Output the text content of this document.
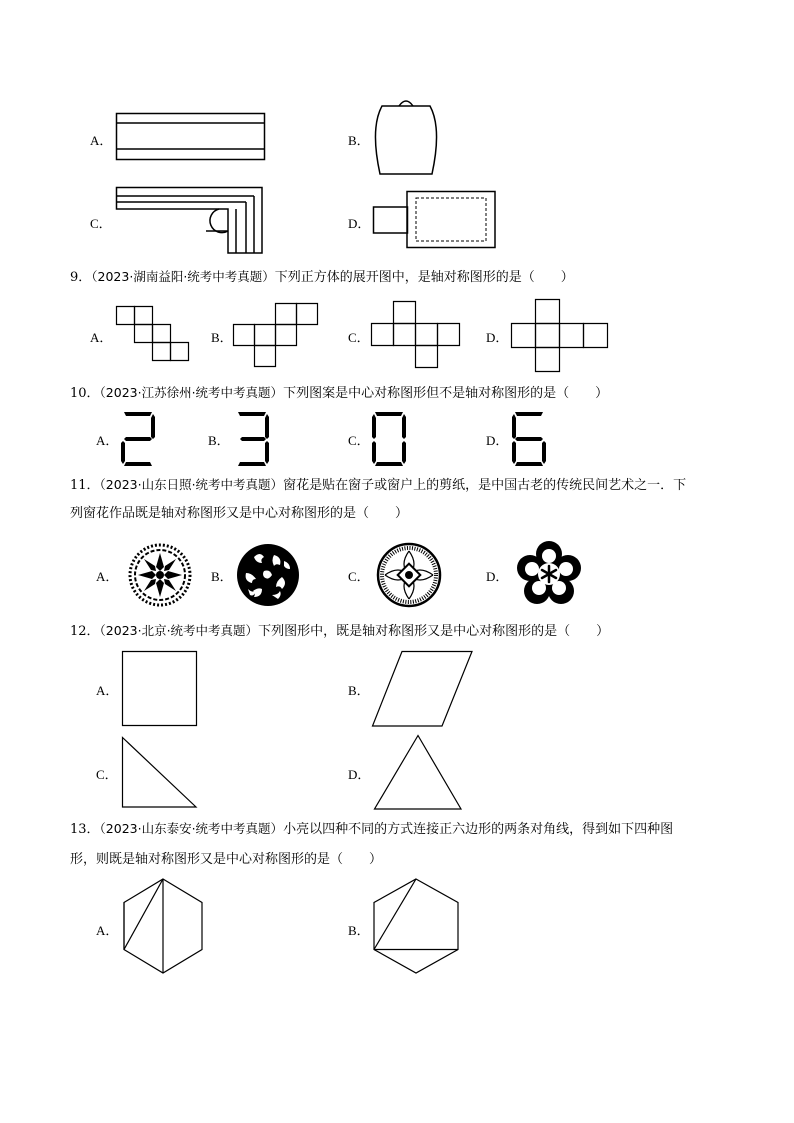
A．	B．
C．	D．
9．（2023·湖南益阳·统考中考真题）下列正方体的展开图中，是轴对称图形的是（　　）
A．	B．	C．	D．
10．（2023·江苏徐州·统考中考真题）下列图案是中心对称图形但不是轴对称图形的是（　　）
A．	B．	C．	D．
11．（2023·山东日照·统考中考真题）窗花是贴在窗子或窗户上的剪纸，是中国古老的传统民间艺术之一．下
列窗花作品既是轴对称图形又是中心对称图形的是（　　）
A．	B．	C．	D．
12．（2023·北京·统考中考真题）下列图形中，既是轴对称图形又是中心对称图形的是（　　）
A．	B．
C．	D．
13．（2023·山东泰安·统考中考真题）小亮以四种不同的方式连接正六边形的两条对角线，得到如下四种图
形，则既是轴对称图形又是中心对称图形的是（　　）
A．	B．
